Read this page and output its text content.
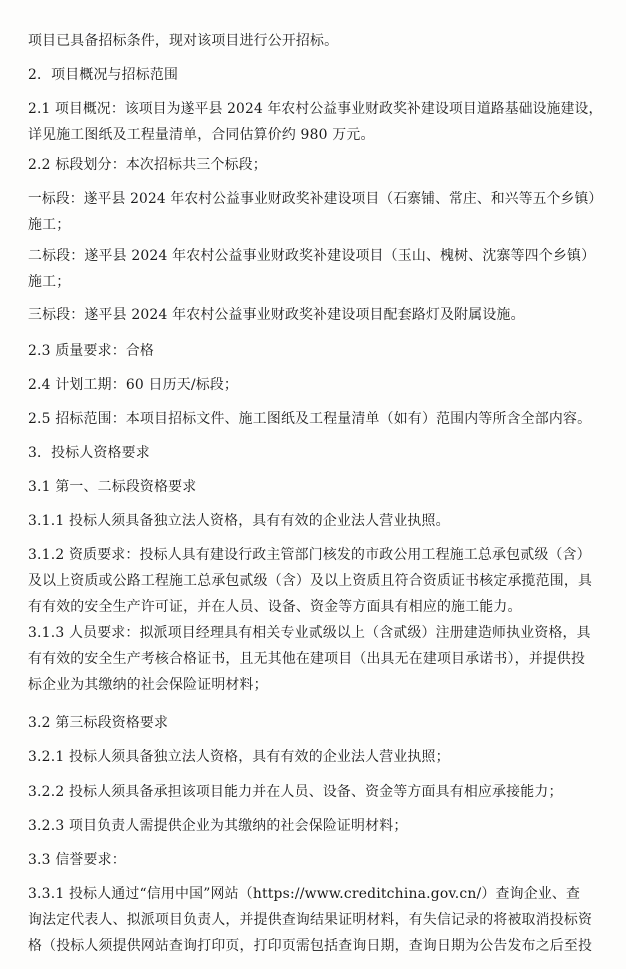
项目已具备招标条件，现对该项目进行公开招标。
2．项目概况与招标范围
2.1 项目概况：该项目为遂平县 2024 年农村公益事业财政奖补建设项目道路基础设施建设，
详见施工图纸及工程量清单，合同估算价约 980 万元。
2.2 标段划分：本次招标共三个标段；
一标段：遂平县 2024 年农村公益事业财政奖补建设项目（石寨铺、常庄、和兴等五个乡镇）
施工；
二标段：遂平县 2024 年农村公益事业财政奖补建设项目（玉山、槐树、沈寨等四个乡镇）
施工；
三标段：遂平县 2024 年农村公益事业财政奖补建设项目配套路灯及附属设施。
2.3 质量要求：合格
2.4 计划工期：60 日历天/标段；
2.5 招标范围：本项目招标文件、施工图纸及工程量清单（如有）范围内等所含全部内容。
3．投标人资格要求
3.1 第一、二标段资格要求
3.1.1 投标人须具备独立法人资格，具有有效的企业法人营业执照。
3.1.2 资质要求：投标人具有建设行政主管部门核发的市政公用工程施工总承包贰级（含）
及以上资质或公路工程施工总承包贰级（含）及以上资质且符合资质证书核定承揽范围，具
有有效的安全生产许可证，并在人员、设备、资金等方面具有相应的施工能力。
3.1.3 人员要求：拟派项目经理具有相关专业贰级以上（含贰级）注册建造师执业资格，具
有有效的安全生产考核合格证书，且无其他在建项目（出具无在建项目承诺书），并提供投
标企业为其缴纳的社会保险证明材料；
3.2 第三标段资格要求
3.2.1 投标人须具备独立法人资格，具有有效的企业法人营业执照；
3.2.2 投标人须具备承担该项目能力并在人员、设备、资金等方面具有相应承接能力；
3.2.3 项目负责人需提供企业为其缴纳的社会保险证明材料；
3.3 信誉要求：
3.3.1 投标人通过“信用中国”网站（https://www.creditchina.gov.cn/）查询企业、查
询法定代表人、拟派项目负责人，并提供查询结果证明材料，有失信记录的将被取消投标资
格（投标人须提供网站查询打印页，打印页需包括查询日期，查询日期为公告发布之后至投
